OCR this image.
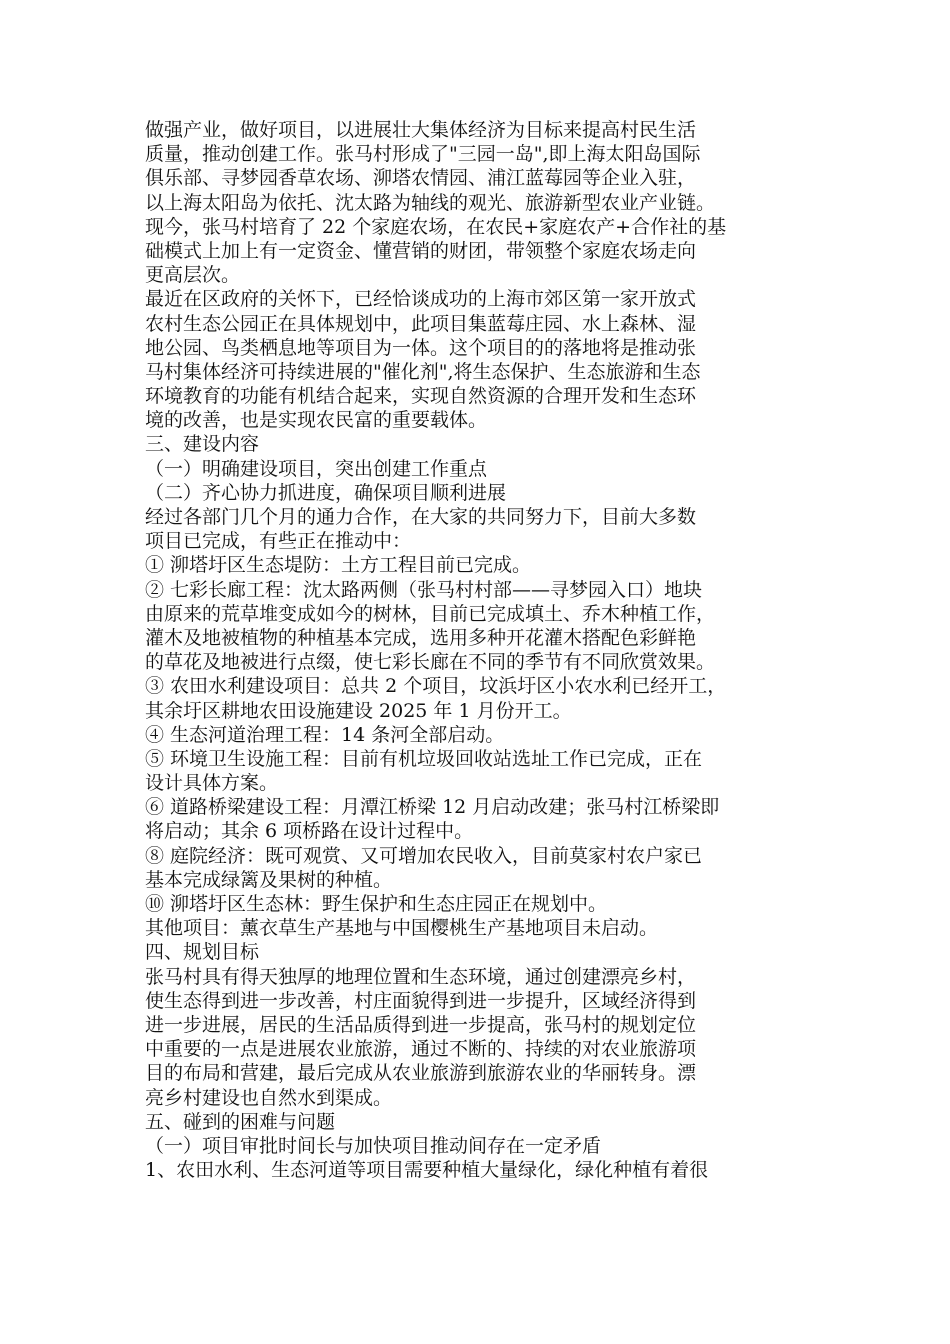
做强产业，做好项目，以进展壮大集体经济为目标来提高村民生活
质量，推动创建工作。张马村形成了"三园一岛",即上海太阳岛国际
俱乐部、寻梦园香草农场、泖塔农情园、浦江蓝莓园等企业入驻，
以上海太阳岛为依托、沈太路为轴线的观光、旅游新型农业产业链。
现今，张马村培育了 22 个家庭农场，在农民+家庭农产+合作社的基
础模式上加上有一定资金、懂营销的财团，带领整个家庭农场走向
更高层次。
最近在区政府的关怀下，已经恰谈成功的上海市郊区第一家开放式
农村生态公园正在具体规划中，此项目集蓝莓庄园、水上森林、湿
地公园、鸟类栖息地等项目为一体。这个项目的的落地将是推动张
马村集体经济可持续进展的"催化剂",将生态保护、生态旅游和生态
环境教育的功能有机结合起来，实现自然资源的合理开发和生态环
境的改善，也是实现农民富的重要载体。
三、建设内容
（一）明确建设项目，突出创建工作重点
（二）齐心协力抓进度，确保项目顺利进展
经过各部门几个月的通力合作，在大家的共同努力下，目前大多数
项目已完成，有些正在推动中：
① 泖塔圩区生态堤防：土方工程目前已完成。
② 七彩长廊工程：沈太路两侧（张马村村部——寻梦园入口）地块
由原来的荒草堆变成如今的树林，目前已完成填土、乔木种植工作，
灌木及地被植物的种植基本完成，选用多种开花灌木搭配色彩鲜艳
的草花及地被进行点缀，使七彩长廊在不同的季节有不同欣赏效果。
③ 农田水利建设项目：总共 2 个项目，坟浜圩区小农水利已经开工，
其余圩区耕地农田设施建设 2025 年 1 月份开工。
④ 生态河道治理工程：14 条河全部启动。
⑤ 环境卫生设施工程：目前有机垃圾回收站选址工作已完成，正在
设计具体方案。
⑥ 道路桥梁建设工程：月潭江桥梁 12 月启动改建；张马村江桥梁即
将启动；其余 6 项桥路在设计过程中。
⑧ 庭院经济：既可观赏、又可增加农民收入，目前莫家村农户家已
基本完成绿篱及果树的种植。
⑩ 泖塔圩区生态林：野生保护和生态庄园正在规划中。
其他项目：薰衣草生产基地与中国樱桃生产基地项目未启动。
四、规划目标
张马村具有得天独厚的地理位置和生态环境，通过创建漂亮乡村，
使生态得到进一步改善，村庄面貌得到进一步提升，区域经济得到
进一步进展，居民的生活品质得到进一步提高，张马村的规划定位
中重要的一点是进展农业旅游，通过不断的、持续的对农业旅游项
目的布局和营建，最后完成从农业旅游到旅游农业的华丽转身。漂
亮乡村建设也自然水到渠成。
五、碰到的困难与问题
（一）项目审批时间长与加快项目推动间存在一定矛盾
1、农田水利、生态河道等项目需要种植大量绿化，绿化种植有着很
